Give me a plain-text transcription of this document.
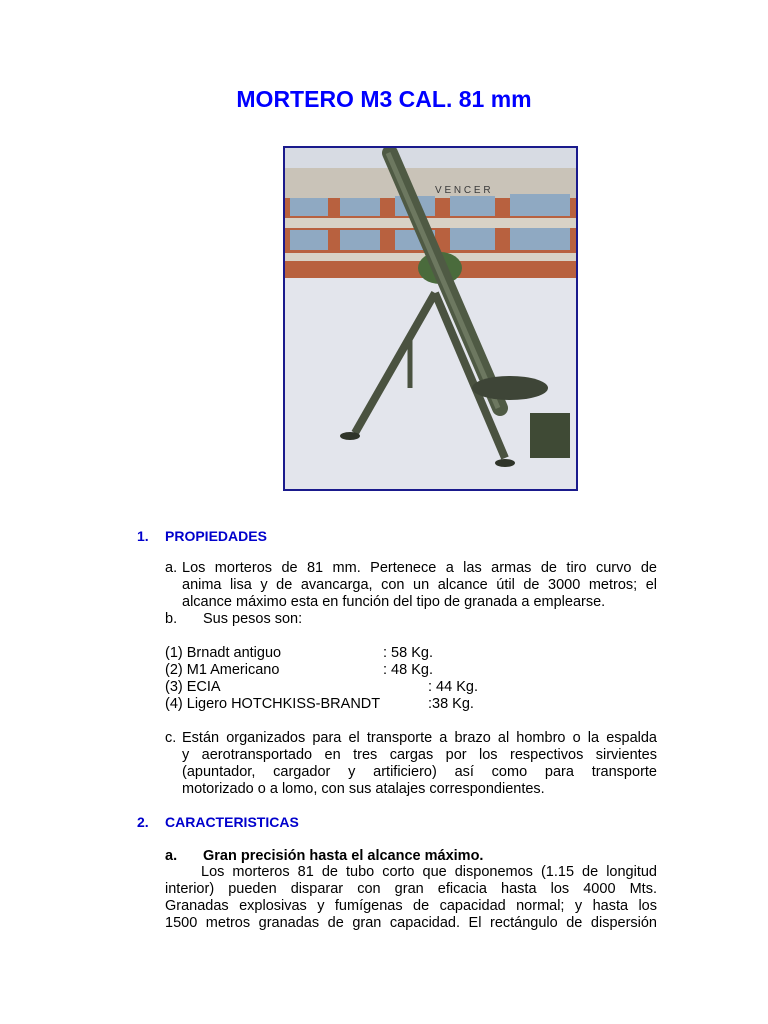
MORTERO M3 CAL. 81 mm
V E N C E R
1. PROPIEDADES
a. Los morteros de 81 mm. Pertenece a las armas de tiro curvo de
anima lisa y de avancarga, con un alcance útil de 3000 metros; el
alcance máximo esta en función del tipo de granada a emplearse.
b. Sus pesos son:
(1) Brnadt antiguo	: 58 Kg.
(2) M1 Americano	: 48 Kg.
(3) ECIA	: 44 Kg.
(4) Ligero HOTCHKISS-BRANDT	:38 Kg.
c. Están organizados para el transporte a brazo al hombro o la espalda
y aerotransportado en tres cargas por los respectivos sirvientes
(apuntador, cargador y artificiero) así como para transporte
motorizado o a lomo, con sus atalajes correspondientes.
2. CARACTERISTICAS
a. Gran precisión hasta el alcance máximo.
Los morteros 81 de tubo corto que disponemos (1.15 de longitud
interior) pueden disparar con gran eficacia hasta los 4000 Mts.
Granadas explosivas y fumígenas de capacidad normal; y hasta los
1500 metros granadas de gran capacidad. El rectángulo de dispersión
